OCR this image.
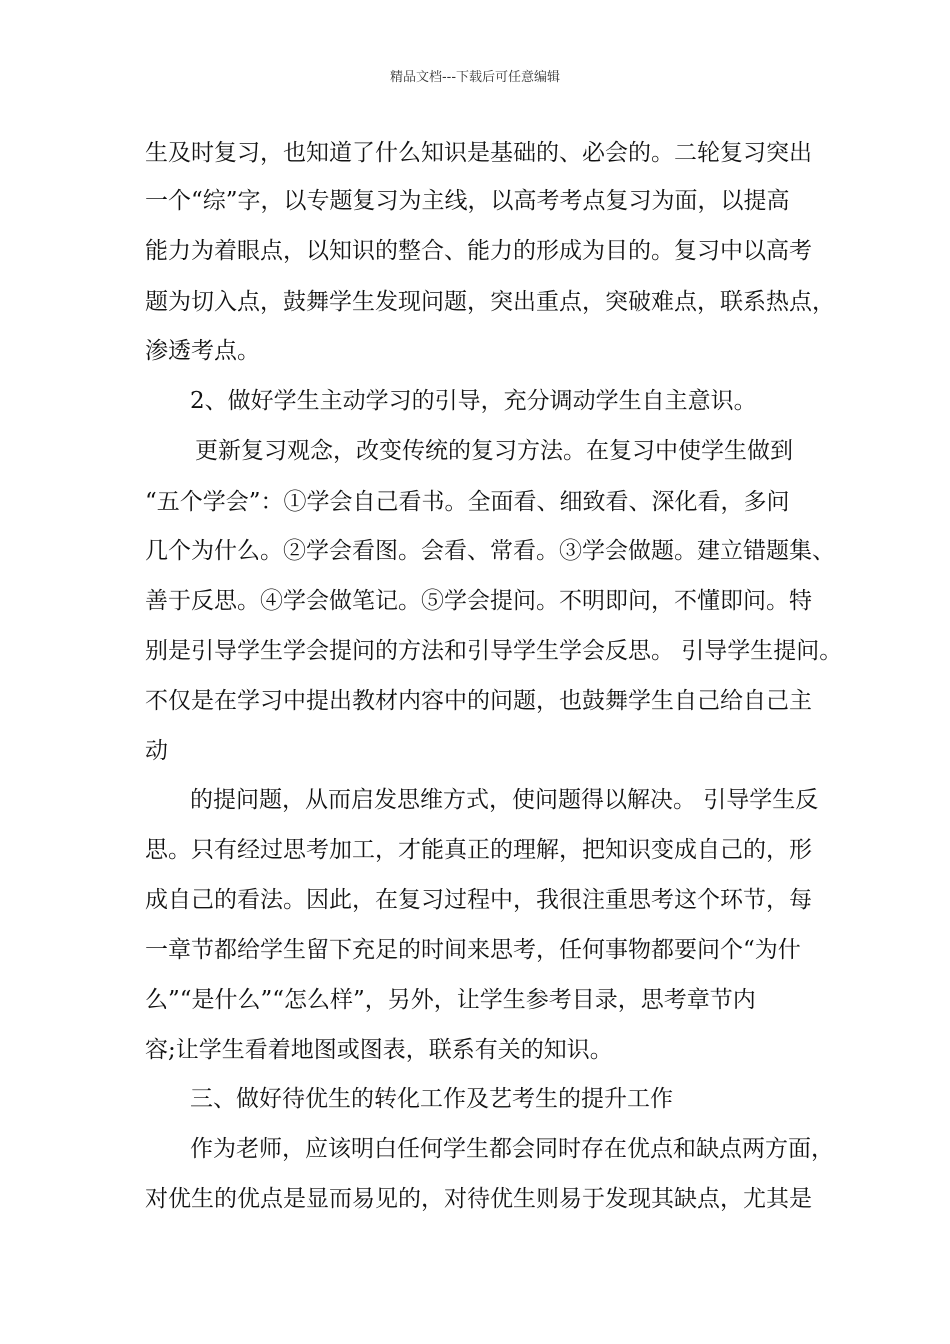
精品文档---下载后可任意编辑
生及时复习，也知道了什么知识是基础的、必会的。二轮复习突出
一个“综”字，以专题复习为主线，以高考考点复习为面，以提高
能力为着眼点，以知识的整合、能力的形成为目的。复习中以高考
题为切入点，鼓舞学生发现问题，突出重点，突破难点，联系热点，
渗透考点。
2、做好学生主动学习的引导，充分调动学生自主意识。
更新复习观念，改变传统的复习方法。在复习中使学生做到
“五个学会”：①学会自己看书。全面看、细致看、深化看，多问
几个为什么。②学会看图。会看、常看。③学会做题。建立错题集、
善于反思。④学会做笔记。⑤学会提问。不明即问，不懂即问。特
别是引导学生学会提问的方法和引导学生学会反思。 引导学生提问。
不仅是在学习中提出教材内容中的问题，也鼓舞学生自己给自己主
动
的提问题，从而启发思维方式，使问题得以解决。 引导学生反
思。只有经过思考加工，才能真正的理解，把知识变成自己的，形
成自己的看法。因此，在复习过程中，我很注重思考这个环节，每
一章节都给学生留下充足的时间来思考，任何事物都要问个“为什
么”“是什么”“怎么样”，另外，让学生参考目录，思考章节内
容;让学生看着地图或图表，联系有关的知识。
三、做好待优生的转化工作及艺考生的提升工作
作为老师，应该明白任何学生都会同时存在优点和缺点两方面，
对优生的优点是显而易见的，对待优生则易于发现其缺点，尤其是
